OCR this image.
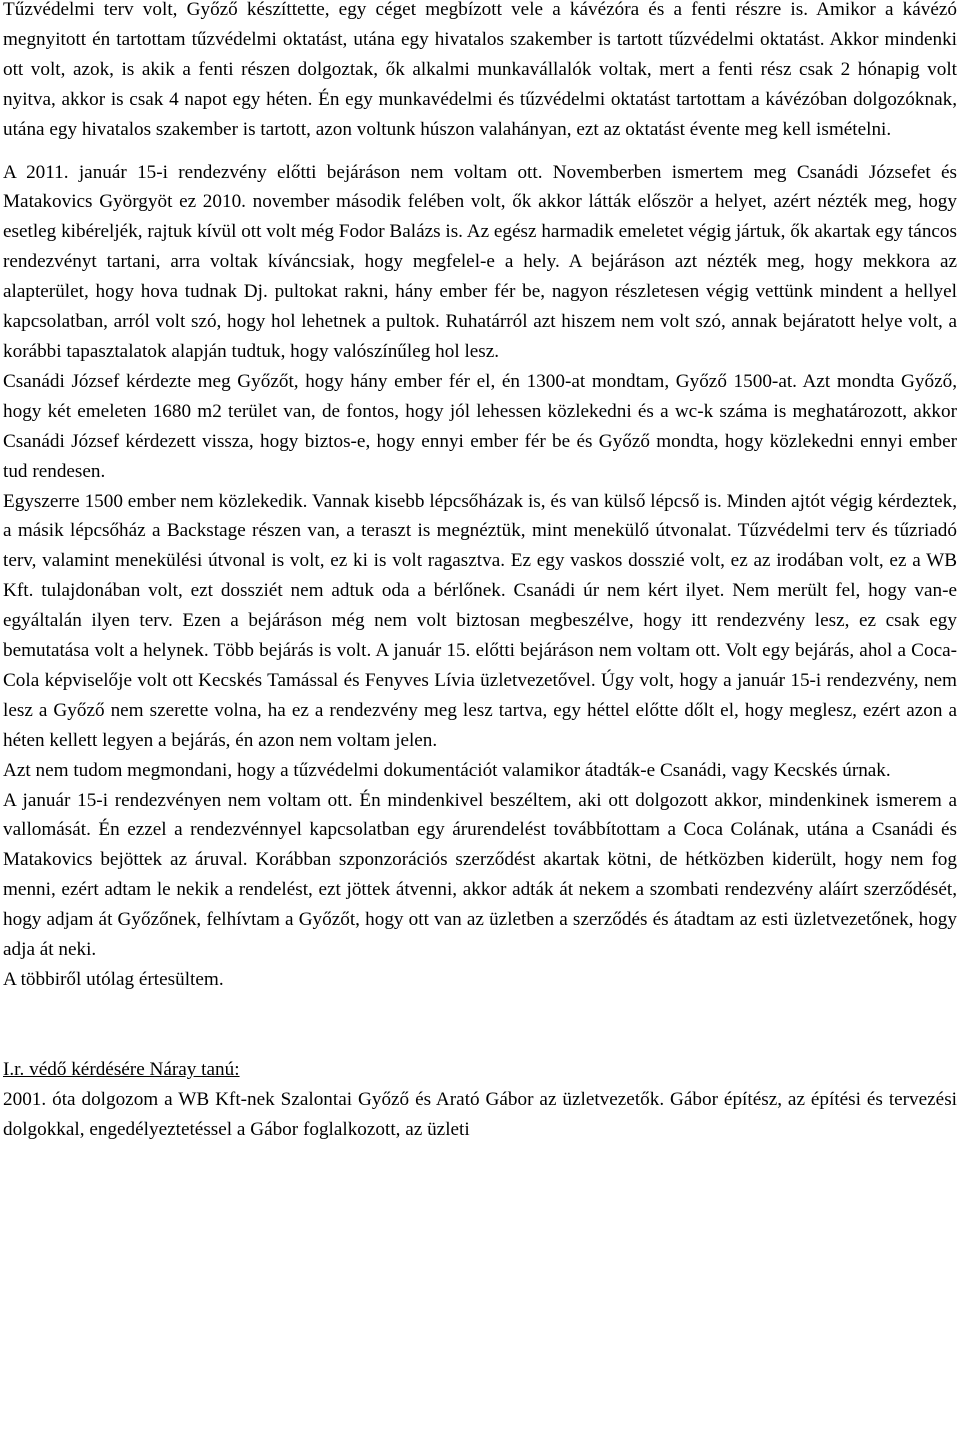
Tűzvédelmi terv volt, Győző készíttette, egy céget megbízott vele a kávézóra és a fenti részre is. Amikor a kávézó megnyitott én tartottam tűzvédelmi oktatást, utána egy hivatalos szakember is tartott tűzvédelmi oktatást. Akkor mindenki ott volt, azok, is akik a fenti részen dolgoztak, ők alkalmi munkavállalók voltak, mert a fenti rész csak 2 hónapig volt nyitva, akkor is csak 4 napot egy héten. Én egy munkavédelmi és tűzvédelmi oktatást tartottam a kávézóban dolgozóknak, utána egy hivatalos szakember is tartott, azon voltunk húszon valahányan, ezt az oktatást évente meg kell ismételni.

A 2011. január 15-i rendezvény előtti bejáráson nem voltam ott. Novemberben ismertem meg Csanádi Józsefet és Matakovics Györgyöt ez 2010. november második felében volt, ők akkor látták először a helyet, azért nézték meg, hogy esetleg kibéreljék, rajtuk kívül ott volt még Fodor Balázs is. Az egész harmadik emeletet végig jártuk, ők akartak egy táncos rendezvényt tartani, arra voltak kíváncsiak, hogy megfelel-e a hely. A bejáráson azt nézték meg, hogy mekkora az alapterület, hogy hova tudnak Dj. pultokat rakni, hány ember fér be, nagyon részletesen végig vettünk mindent a hellyel kapcsolatban, arról volt szó, hogy hol lehetnek a pultok. Ruhatárról azt hiszem nem volt szó, annak bejáratott helye volt, a korábbi tapasztalatok alapján tudtuk, hogy valószínűleg hol lesz.

Csanádi József kérdezte meg Győzőt, hogy hány ember fér el, én 1300-at mondtam, Győző 1500-at. Azt mondta Győző, hogy két emeleten 1680 m2 terület van, de fontos, hogy jól lehessen közlekedni és a wc-k száma is meghatározott, akkor Csanádi József kérdezett vissza, hogy biztos-e, hogy ennyi ember fér be és Győző mondta, hogy közlekedni ennyi ember tud rendesen.

Egyszerre 1500 ember nem közlekedik. Vannak kisebb lépcsőházak is, és van külső lépcső is. Minden ajtót végig kérdeztek, a másik lépcsőház a Backstage részen van, a teraszt is megnéztük, mint menekülő útvonalat. Tűzvédelmi terv és tűzriadó terv, valamint menekülési útvonal is volt, ez ki is volt ragasztva. Ez egy vaskos dosszié volt, ez az irodában volt, ez a WB Kft. tulajdonában volt, ezt dossziét nem adtuk oda a bérlőnek. Csanádi úr nem kért ilyet. Nem merült fel, hogy van-e egyáltalán ilyen terv. Ezen a bejáráson még nem volt biztosan megbeszélve, hogy itt rendezvény lesz, ez csak egy bemutatása volt a helynek. Több bejárás is volt. A január 15. előtti bejáráson nem voltam ott. Volt egy bejárás, ahol a Coca-Cola képviselője volt ott Kecskés Tamással és Fenyves Lívia üzletvezetővel. Úgy volt, hogy a január 15-i rendezvény, nem lesz a Győző nem szerette volna, ha ez a rendezvény meg lesz tartva, egy héttel előtte dőlt el, hogy meglesz, ezért azon a héten kellett legyen a bejárás, én azon nem voltam jelen.

Azt nem tudom megmondani, hogy a tűzvédelmi dokumentációt valamikor átadták-e Csanádi, vagy Kecskés úrnak.

A január 15-i rendezvényen nem voltam ott. Én mindenkivel beszéltem, aki ott dolgozott akkor, mindenkinek ismerem a vallomását. Én ezzel a rendezvénnyel kapcsolatban egy árurendelést továbbítottam a Coca Colának, utána a Csanádi és Matakovics bejöttek az áruval. Korábban szponzorációs szerződést akartak kötni, de hétközben kiderült, hogy nem fog menni, ezért adtam le nekik a rendelést, ezt jöttek átvenni, akkor adták át nekem a szombati rendezvény aláírt szerződését, hogy adjam át Győzőnek, felhívtam a Győzőt, hogy ott van az üzletben a szerződés és átadtam az esti üzletvezetőnek, hogy adja át neki.

A többiről utólag értesültem.

I.r. védő kérdésére Náray tanú:

2001. óta dolgozom a WB Kft-nek Szalontai Győző és Arató Gábor az üzletvezetők. Gábor építész, az építési és tervezési dolgokkal, engedélyeztetéssel a Gábor foglalkozott, az üzleti
